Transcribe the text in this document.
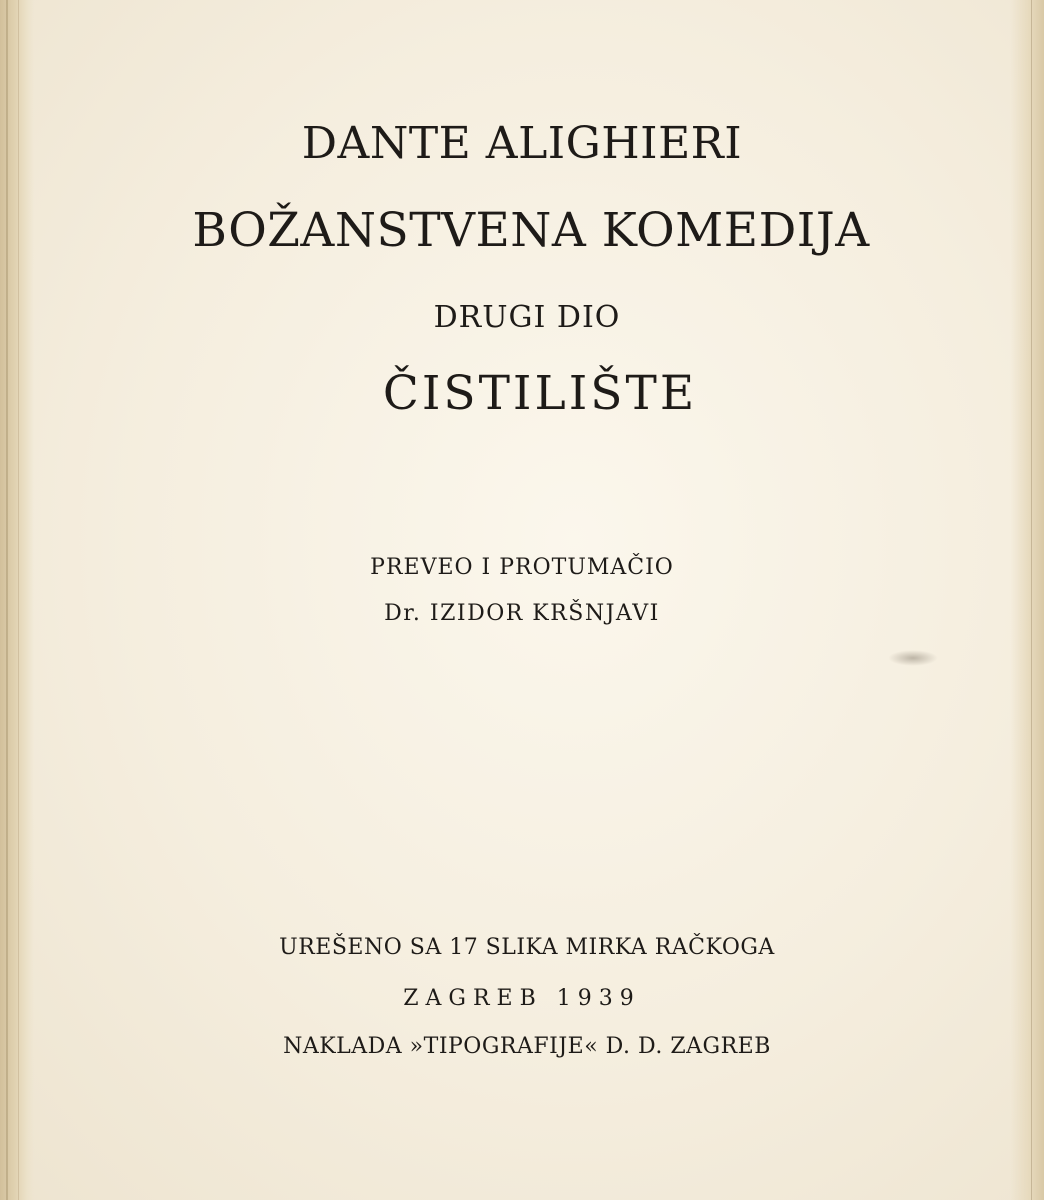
DANTE ALIGHIERI
BOŽANSTVENA KOMEDIJA
DRUGI DIO
ČISTILIŠTE
PREVEO I PROTUMAČIO
Dr. IZIDOR KRŠNJAVI
UREŠENO SA 17 SLIKA MIRKA RAČKOGA
ZAGREB 1939
NAKLADA »TIPOGRAFIJE« D. D. ZAGREB
